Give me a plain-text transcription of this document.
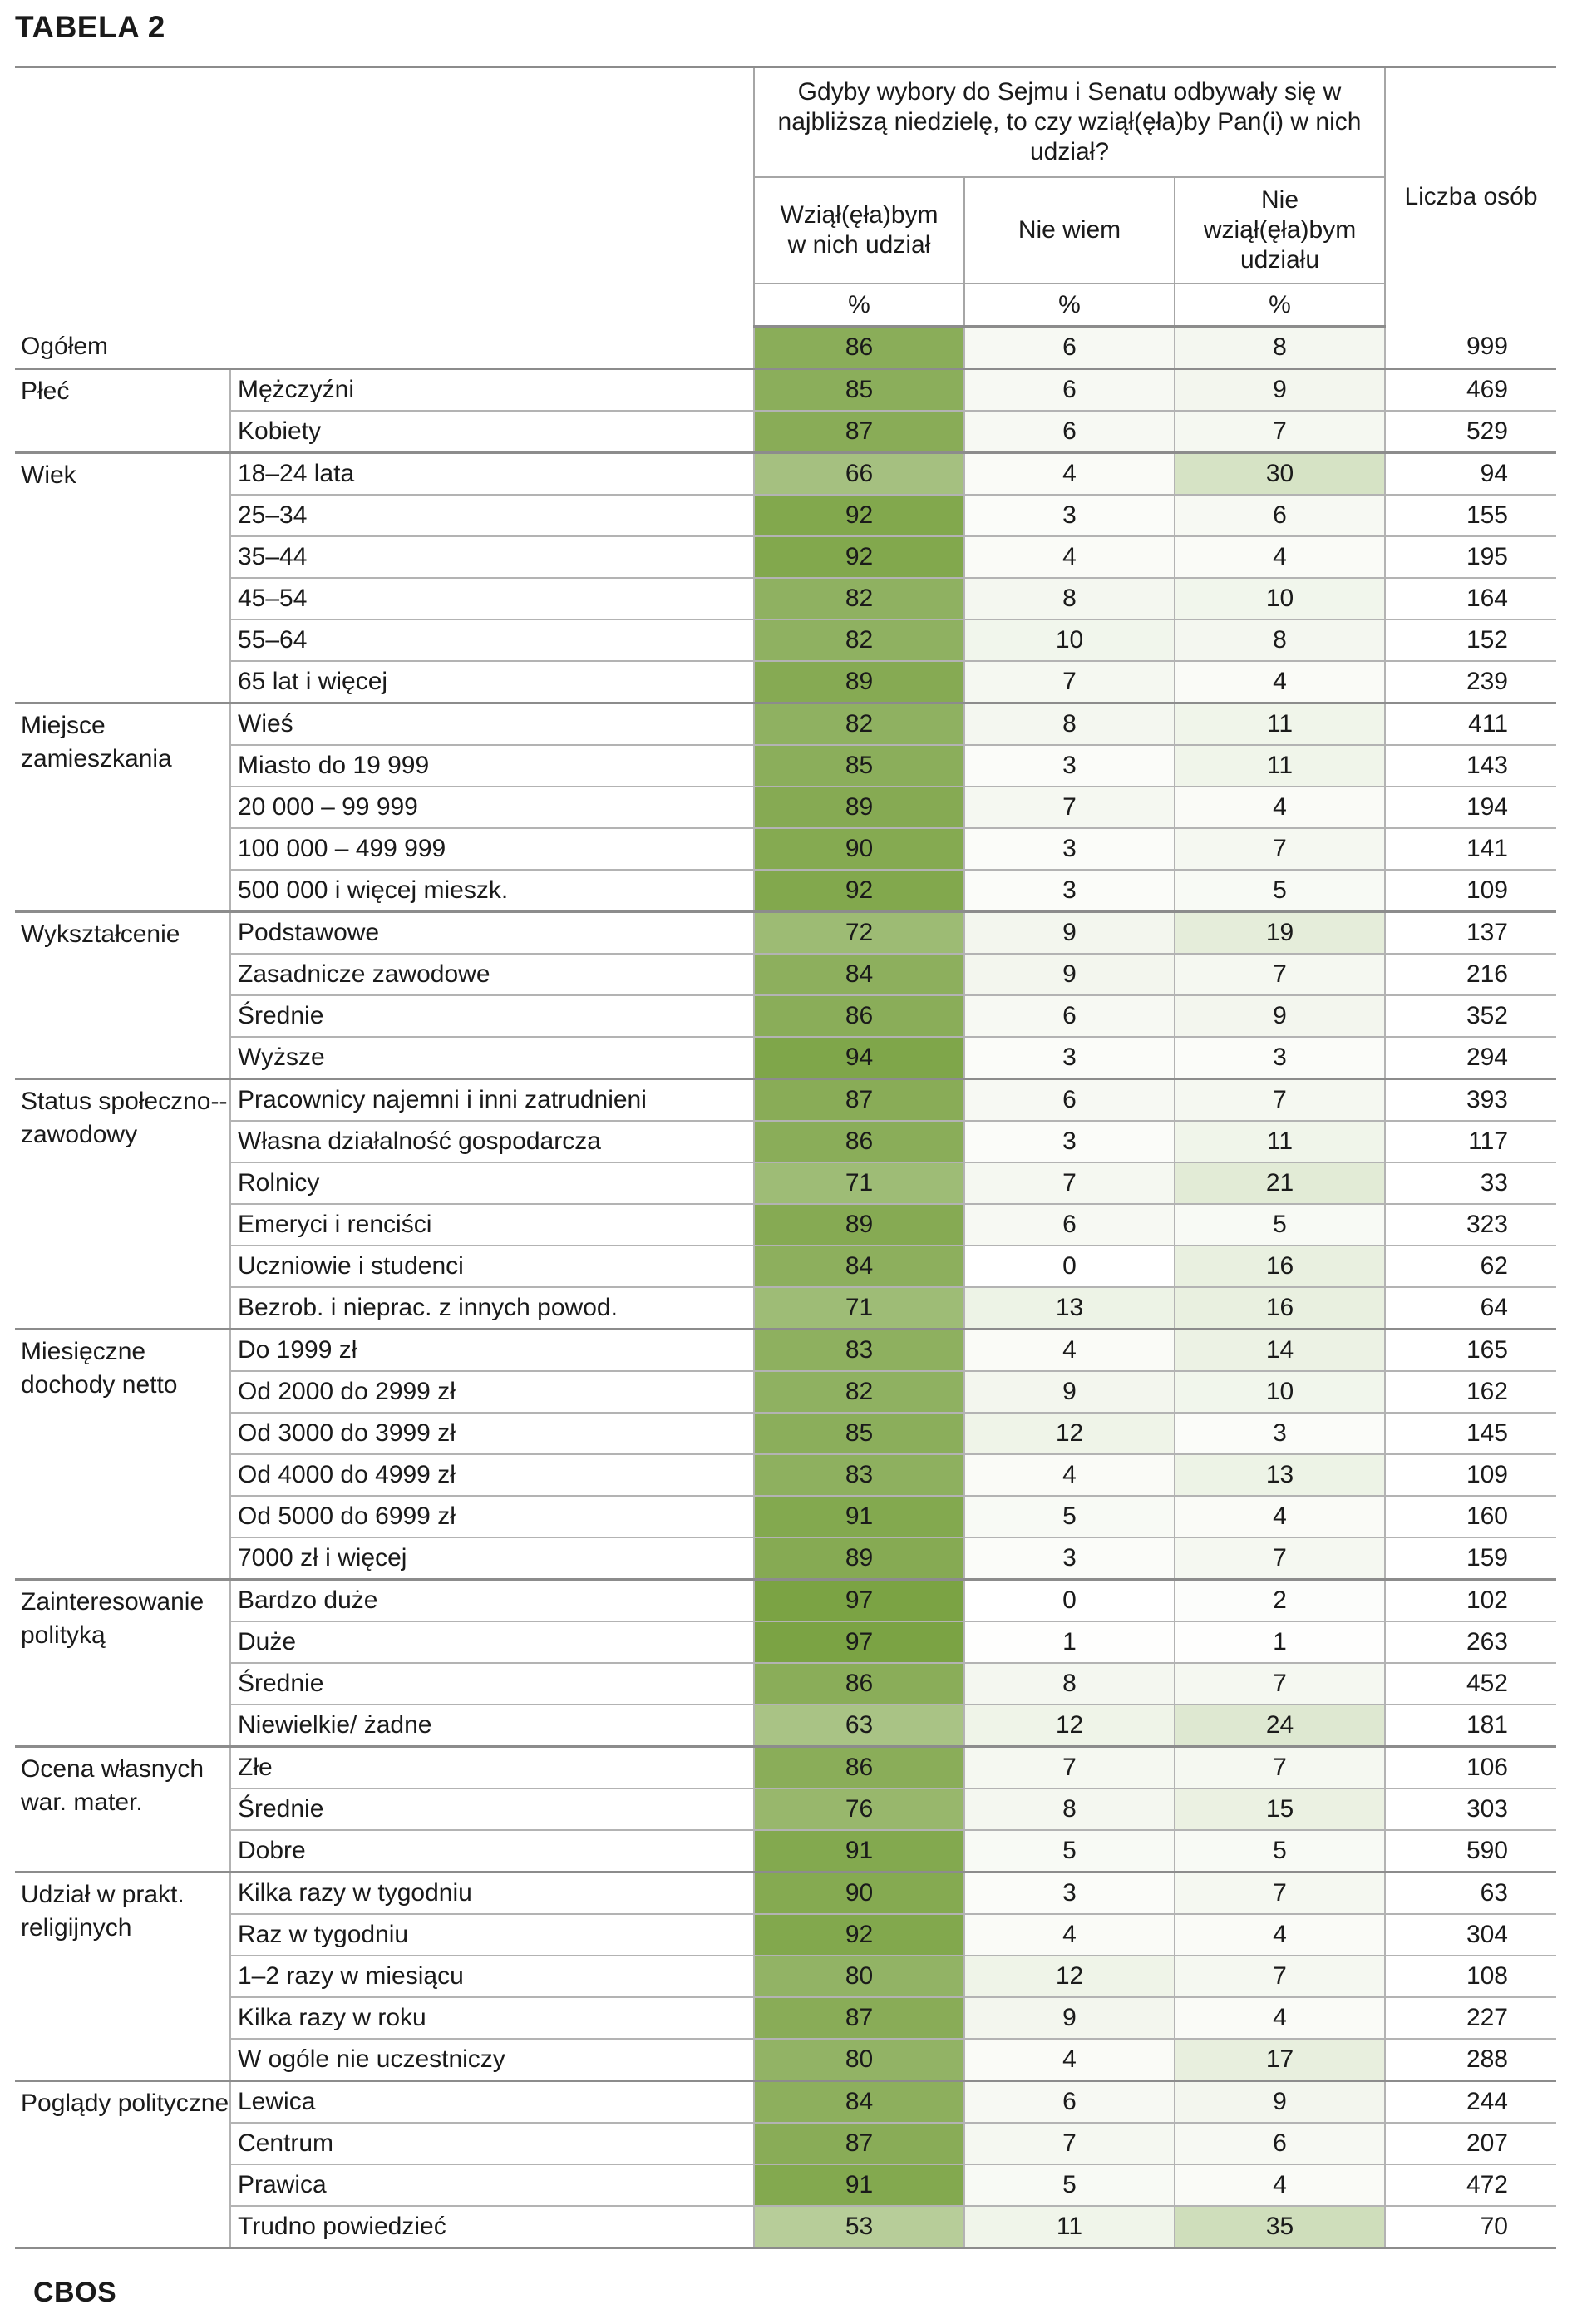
TABELA 2

		Gdyby wybory do Sejmu i Senatu odbywały się w najbliższą niedzielę, to czy wziął(ęła)by Pan(i) w nich udział?			Liczba osób

		Wziął(ęła)bym w nich udział	Nie wiem	Nie wziął(ęła)bym udziału	

		%	%	%	
Ogółem		86	6	8	999
Płeć	Mężczyźni	85	6	9	469
	Kobiety	87	6	7	529
Wiek	18–24 lata	66	4	30	94
	25–34	92	3	6	155
	35–44	92	4	4	195
	45–54	82	8	10	164
	55–64	82	10	8	152
	65 lat i więcej	89	7	4	239
Miejsce zamieszkania	Wieś	82	8	11	411
	Miasto do 19 999	85	3	11	143
	20 000 – 99 999	89	7	4	194
	100 000 – 499 999	90	3	7	141
	500 000 i więcej mieszk.	92	3	5	109
Wykształcenie	Podstawowe	72	9	19	137
	Zasadnicze zawodowe	84	9	7	216
	Średnie	86	6	9	352
	Wyższe	94	3	3	294
Status społeczno--zawodowy	Pracownicy najemni i inni zatrudnieni	87	6	7	393
	Własna działalność gospodarcza	86	3	11	117
	Rolnicy	71	7	21	33
	Emeryci i renciści	89	6	5	323
	Uczniowie i studenci	84	0	16	62
	Bezrob. i nieprac. z innych powod.	71	13	16	64
Miesięczne dochody netto	Do 1999 zł	83	4	14	165
	Od 2000 do 2999 zł	82	9	10	162
	Od 3000 do 3999 zł	85	12	3	145
	Od 4000 do 4999 zł	83	4	13	109
	Od 5000 do 6999 zł	91	5	4	160
	7000 zł i więcej	89	3	7	159
Zainteresowanie polityką	Bardzo duże	97	0	2	102
	Duże	97	1	1	263
	Średnie	86	8	7	452
	Niewielkie/ żadne	63	12	24	181
Ocena własnych war. mater.	Złe	86	7	7	106
	Średnie	76	8	15	303
	Dobre	91	5	5	590
Udział w prakt. religijnych	Kilka razy w tygodniu	90	3	7	63
	Raz w tygodniu	92	4	4	304
	1–2 razy w miesiącu	80	12	7	108
	Kilka razy w roku	87	9	4	227
	W ogóle nie uczestniczy	80	4	17	288
Poglądy polityczne	Lewica	84	6	9	244
	Centrum	87	7	6	207
	Prawica	91	5	4	472
	Trudno powiedzieć	53	11	35	70
CBOS
